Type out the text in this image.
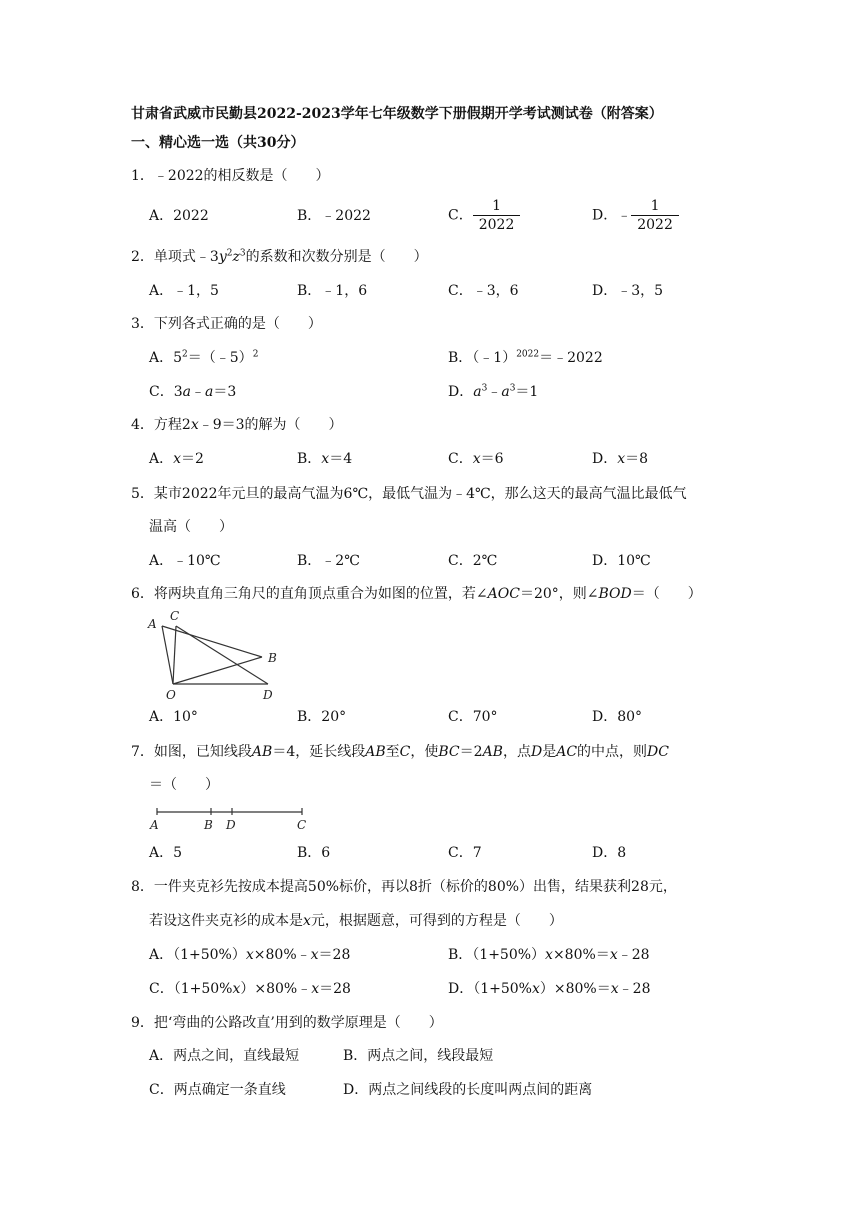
甘肃省武威市民勤县2022-2023学年七年级数学下册假期开学考试测试卷（附答案）
一、精心选一选（共30分）
1．﹣2022的相反数是（　　）
A．2022	B．﹣2022	C． $\frac{1}{2022}$	D．﹣ $\frac{1}{2022}$
2．单项式$﹣3y^2z^3$的系数和次数分别是（　　）
A．﹣1，5	B．﹣1，6	C．﹣3，6	D．﹣3，5
3．下列各式正确的是（　　）
A．$5^2=(﹣5)^2$	B．（﹣1）$^{2022}$＝﹣2022
C．3a﹣a＝3	D．$a^3﹣a^3=1$
4．方程2x﹣9＝3的解为（　　）
A．x＝2	B．x＝4	C．x＝6	D．x＝8
5．某市2022年元旦的最高气温为6℃，最低气温为﹣4℃，那么这天的最高气温比最低气
温高（　　）
A．﹣10℃	B．﹣2℃	C．2℃	D．10℃
6．将两块直角三角尺的直角顶点重合为如图的位置，若∠AOC＝20°，则∠BOD＝（　　）
A
C
B
O	D
A．10°	B．20°	C．70°	D．80°
7．如图，已知线段AB＝4，延长线段AB至C，使BC＝2AB，点D是AC的中点，则DC
＝（　　）
A	B D	C
A．5	B．6	C．7	D．8
8．一件夹克衫先按成本提高50%标价，再以8折（标价的80%）出售，结果获利28元，
若设这件夹克衫的成本是x元，根据题意，可得到的方程是（　　）
A．（1+50%）x×80%﹣x＝28	B．（1+50%）x×80%＝x﹣28
C．（1+50%x）×80%﹣x＝28	D．（1+50%x）×80%＝x﹣28
9．把‘弯曲的公路改直’用到的数学原理是（　　）
A．两点之间，直线最短	B．两点之间，线段最短
C．两点确定一条直线	D．两点之间线段的长度叫两点间的距离
